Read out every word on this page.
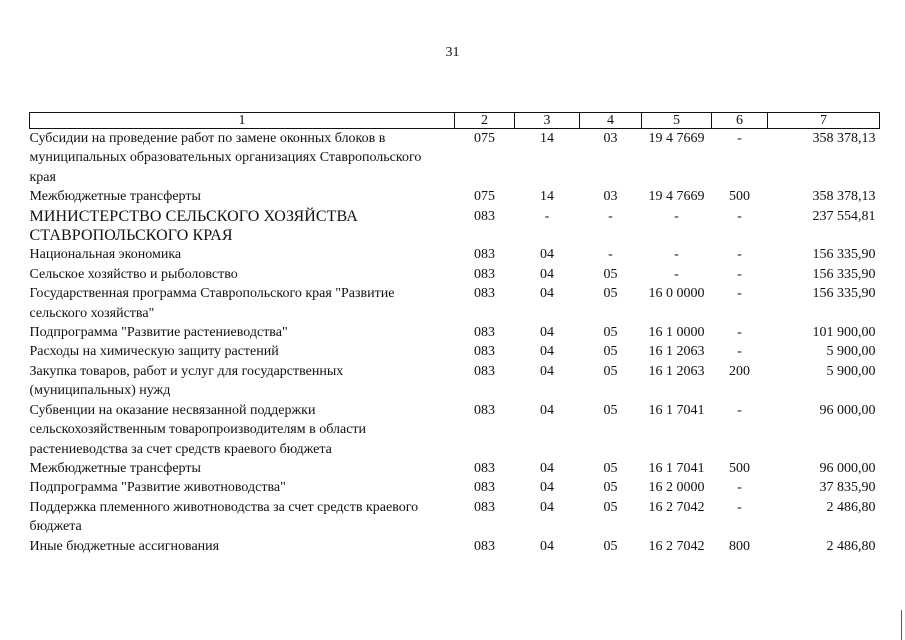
31
1	2	3	4	5	6	7
Субсидии на проведение работ по замене оконных блоков в муниципальных образовательных организациях Ставропольского края	075	14	03	19 4 7669	-	358 378,13
Межбюджетные трансферты	075	14	03	19 4 7669	500	358 378,13
МИНИСТЕРСТВО СЕЛЬСКОГО ХОЗЯЙСТВА СТАВРОПОЛЬСКОГО КРАЯ	083	-	-	-	-	237 554,81
Национальная экономика	083	04	-	-	-	156 335,90
Сельское хозяйство и рыболовство	083	04	05	-	-	156 335,90
Государственная программа Ставропольского края "Развитие сельского хозяйства"	083	04	05	16 0 0000	-	156 335,90
Подпрограмма "Развитие растениеводства"	083	04	05	16 1 0000	-	101 900,00
Расходы на химическую защиту растений	083	04	05	16 1 2063	-	5 900,00
Закупка товаров, работ и услуг для государственных (муниципальных) нужд	083	04	05	16 1 2063	200	5 900,00
Субвенции на оказание несвязанной поддержки сельскохозяйственным товаропроизводителям в области растениеводства за счет средств краевого бюджета	083	04	05	16 1 7041	-	96 000,00
Межбюджетные трансферты	083	04	05	16 1 7041	500	96 000,00
Подпрограмма "Развитие животноводства"	083	04	05	16 2 0000	-	37 835,90
Поддержка племенного животноводства за счет средств краевого бюджета	083	04	05	16 2 7042	-	2 486,80
Иные бюджетные ассигнования	083	04	05	16 2 7042	800	2 486,80
